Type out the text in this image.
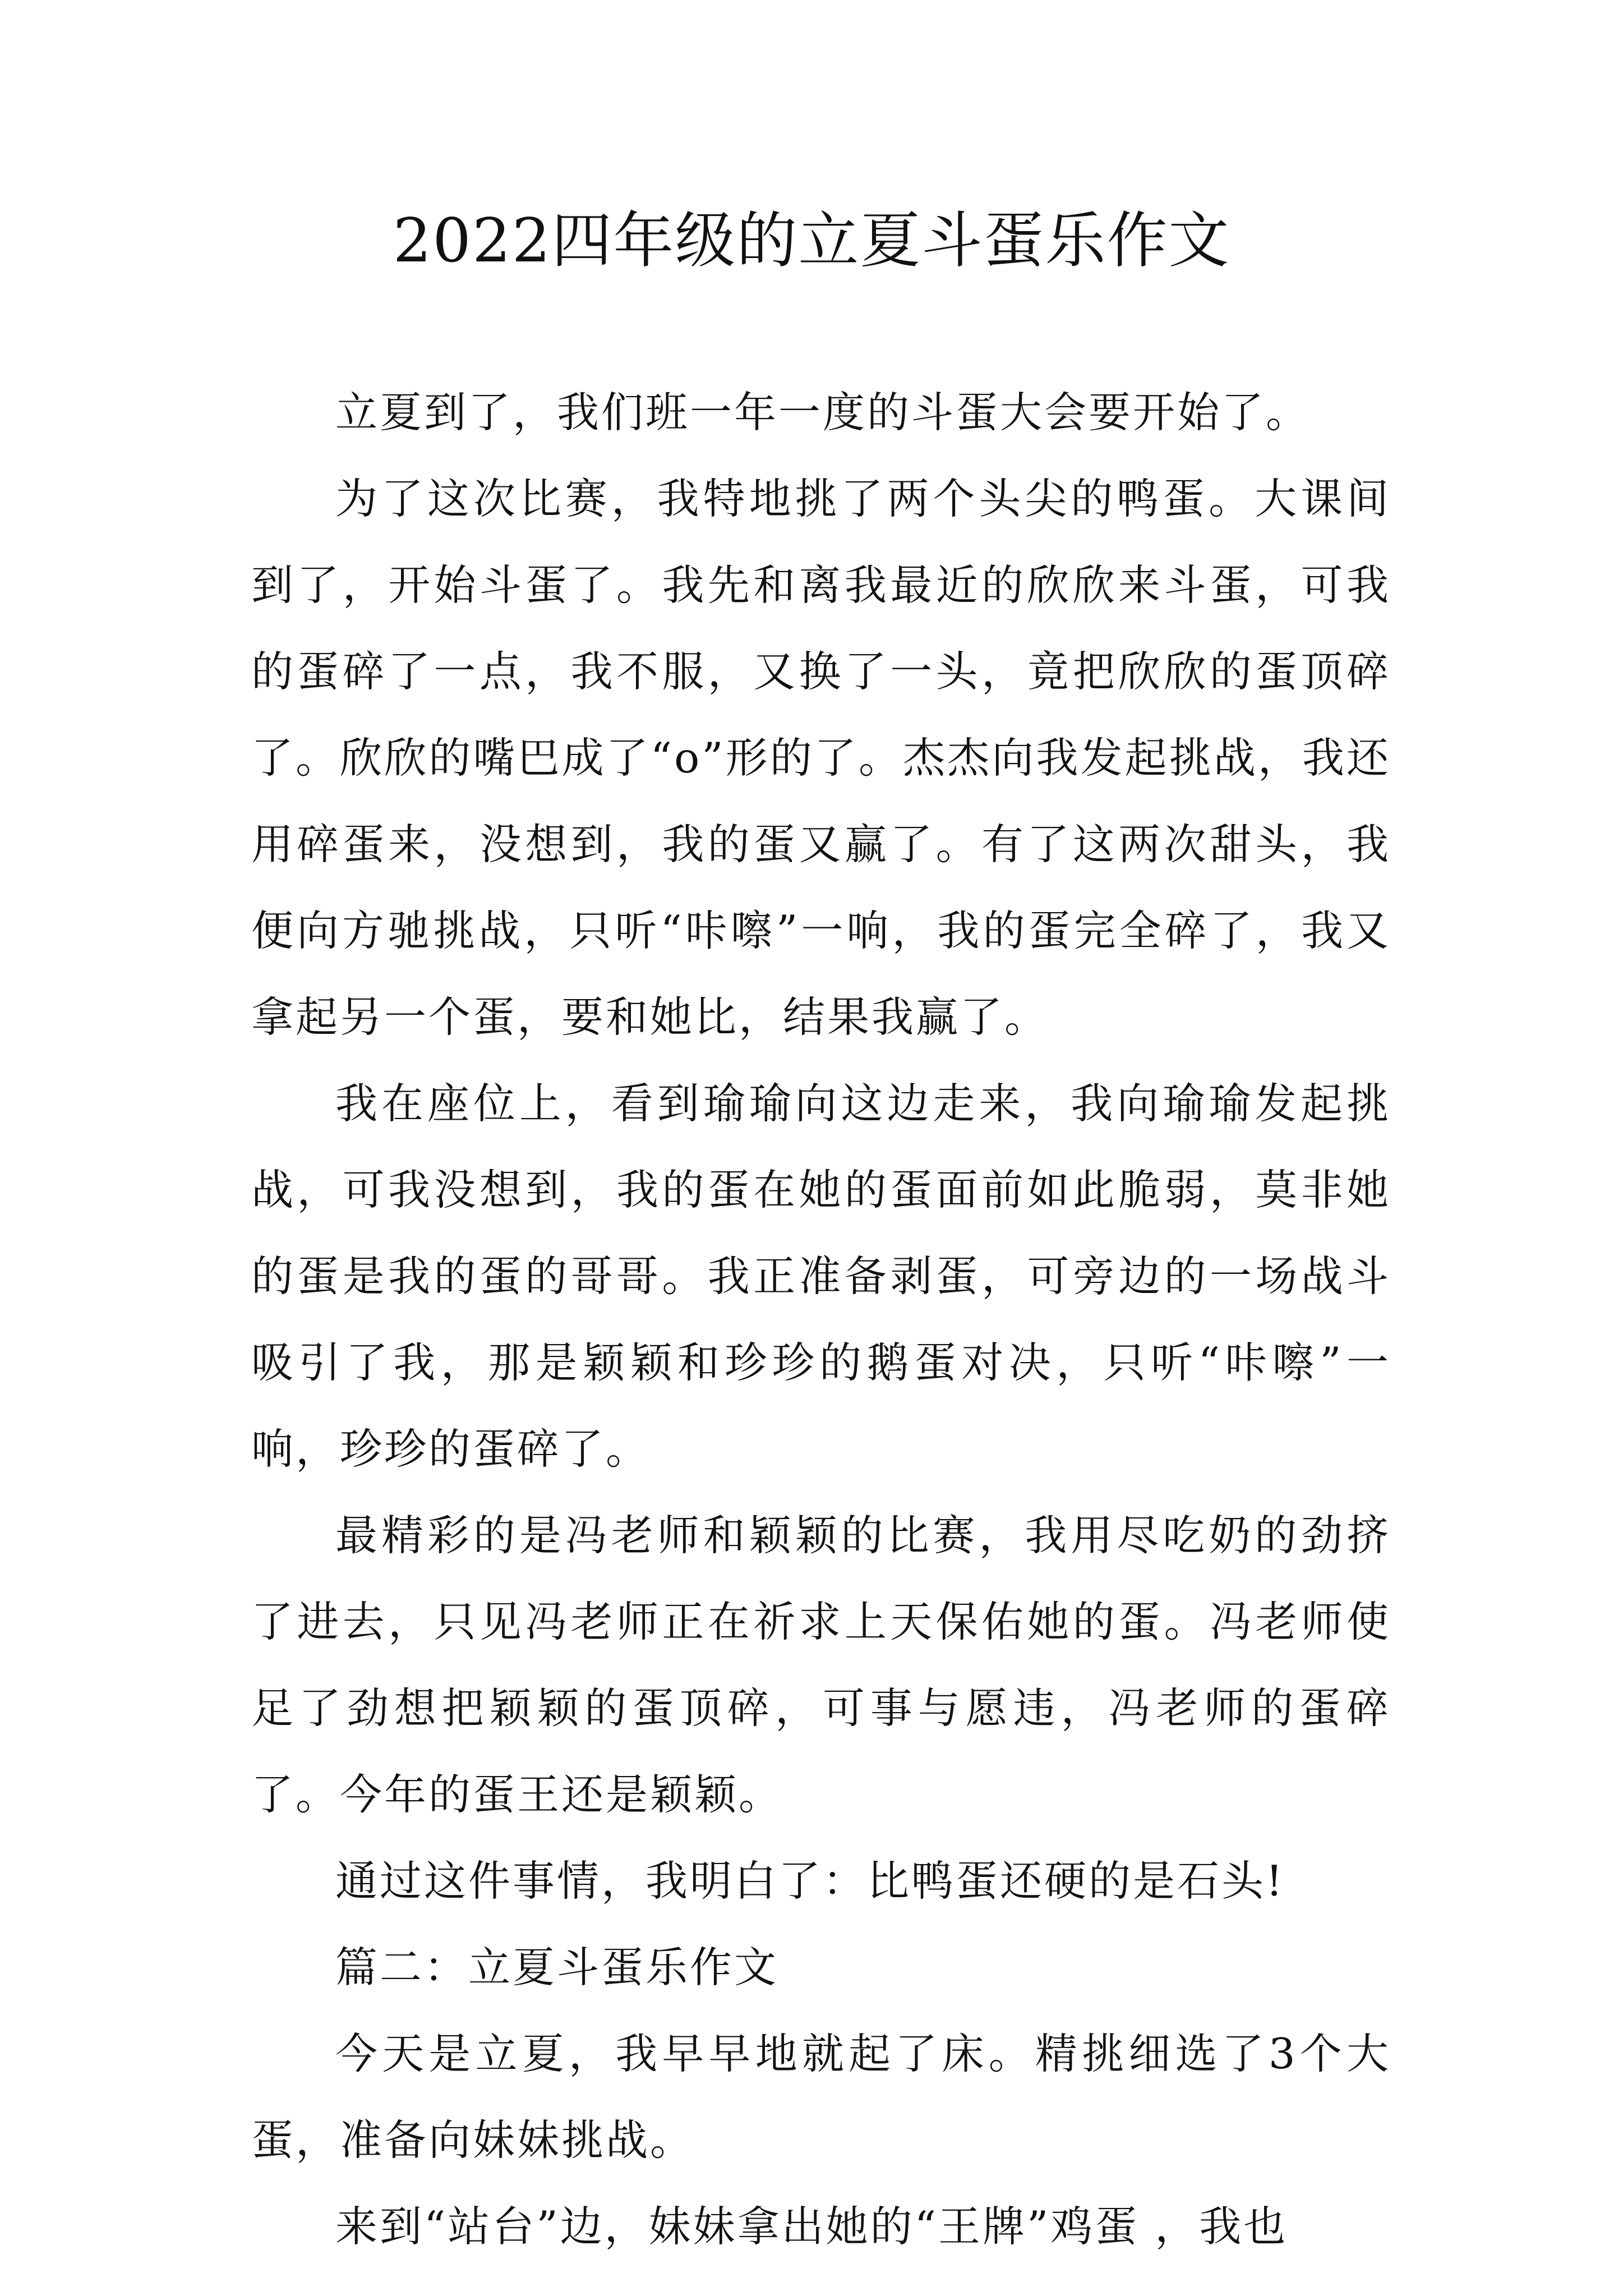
2022四年级的立夏斗蛋乐作文

立夏到了，我们班一年一度的斗蛋大会要开始了。

为了这次比赛，我特地挑了两个头尖的鸭蛋。大课间到了，开始斗蛋了。我先和离我最近的欣欣来斗蛋，可我的蛋碎了一点，我不服，又换了一头，竟把欣欣的蛋顶碎了。欣欣的嘴巴成了“o”形的了。杰杰向我发起挑战，我还用碎蛋来，没想到，我的蛋又赢了。有了这两次甜头，我便向方驰挑战，只听“咔嚓”一响，我的蛋完全碎了，我又拿起另一个蛋，要和她比，结果我赢了。

我在座位上，看到瑜瑜向这边走来，我向瑜瑜发起挑战，可我没想到，我的蛋在她的蛋面前如此脆弱，莫非她的蛋是我的蛋的哥哥。我正准备剥蛋，可旁边的一场战斗吸引了我，那是颖颖和珍珍的鹅蛋对决，只听“咔嚓”一响，珍珍的蛋碎了。

最精彩的是冯老师和颖颖的比赛，我用尽吃奶的劲挤了进去，只见冯老师正在祈求上天保佑她的蛋。冯老师使足了劲想把颖颖的蛋顶碎，可事与愿违，冯老师的蛋碎了。今年的蛋王还是颖颖。

通过这件事情，我明白了：比鸭蛋还硬的是石头!

篇二：立夏斗蛋乐作文

今天是立夏，我早早地就起了床。精挑细选了3个大蛋，准备向妹妹挑战。

来到“站台”边，妹妹拿出她的“王牌”鸡蛋 ，我也
